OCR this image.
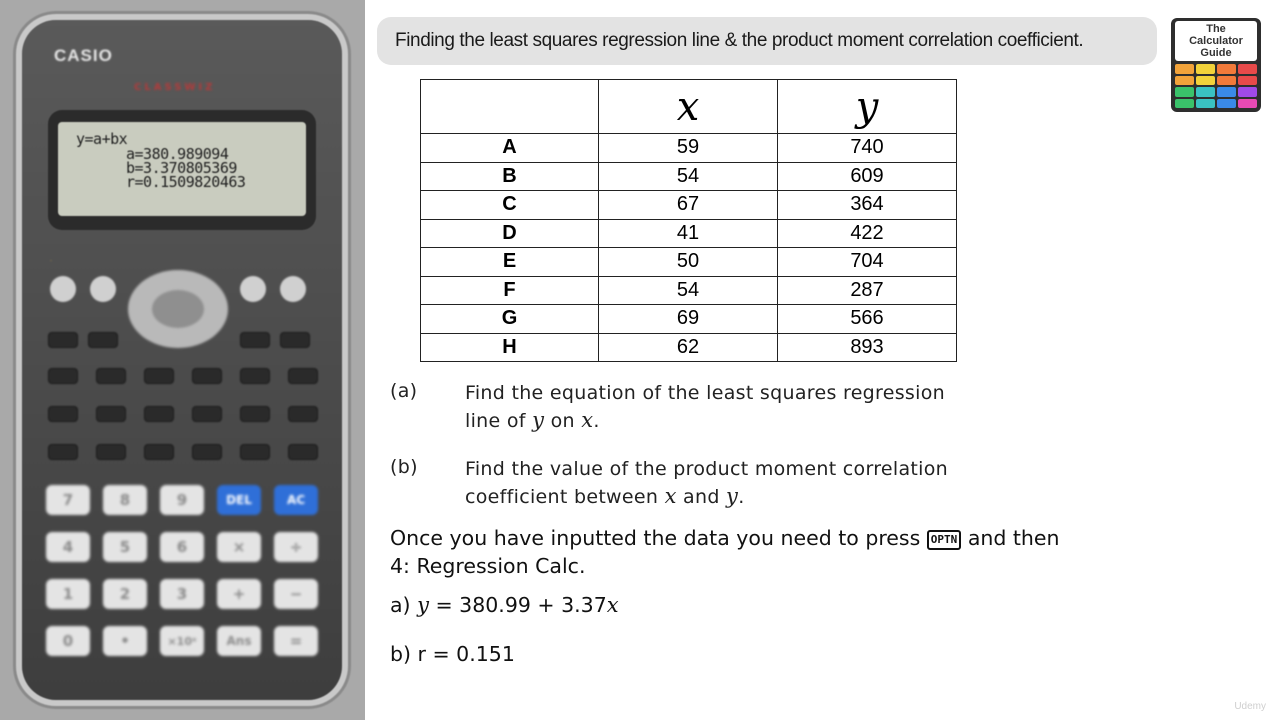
CASIO
CLASSWIZ
y=a+bx
a=380.989094
b=3.370805369
r=0.1509820463
·
7	8	9	DEL	AC
4	5	6	×	÷
1	2	3	+	−
0	•	×10ˣ	Ans	=
Finding the least squares regression line & the product moment correlation coefficient.
The
Calculator
Guide
	x	y
A	59	740
B	54	609
C	67	364
D	41	422
E	50	704
F	54	287
G	69	566
H	62	893
(a)	Find the equation of the least squares regression
line of y on x.
(b) Find the value of the product moment correlation
coefficient between x and y.
Once you have inputted the data you need to press OPTN and then
4: Regression Calc.
a) y = 380.99 + 3.37x
b) r = 0.151
Udemy
